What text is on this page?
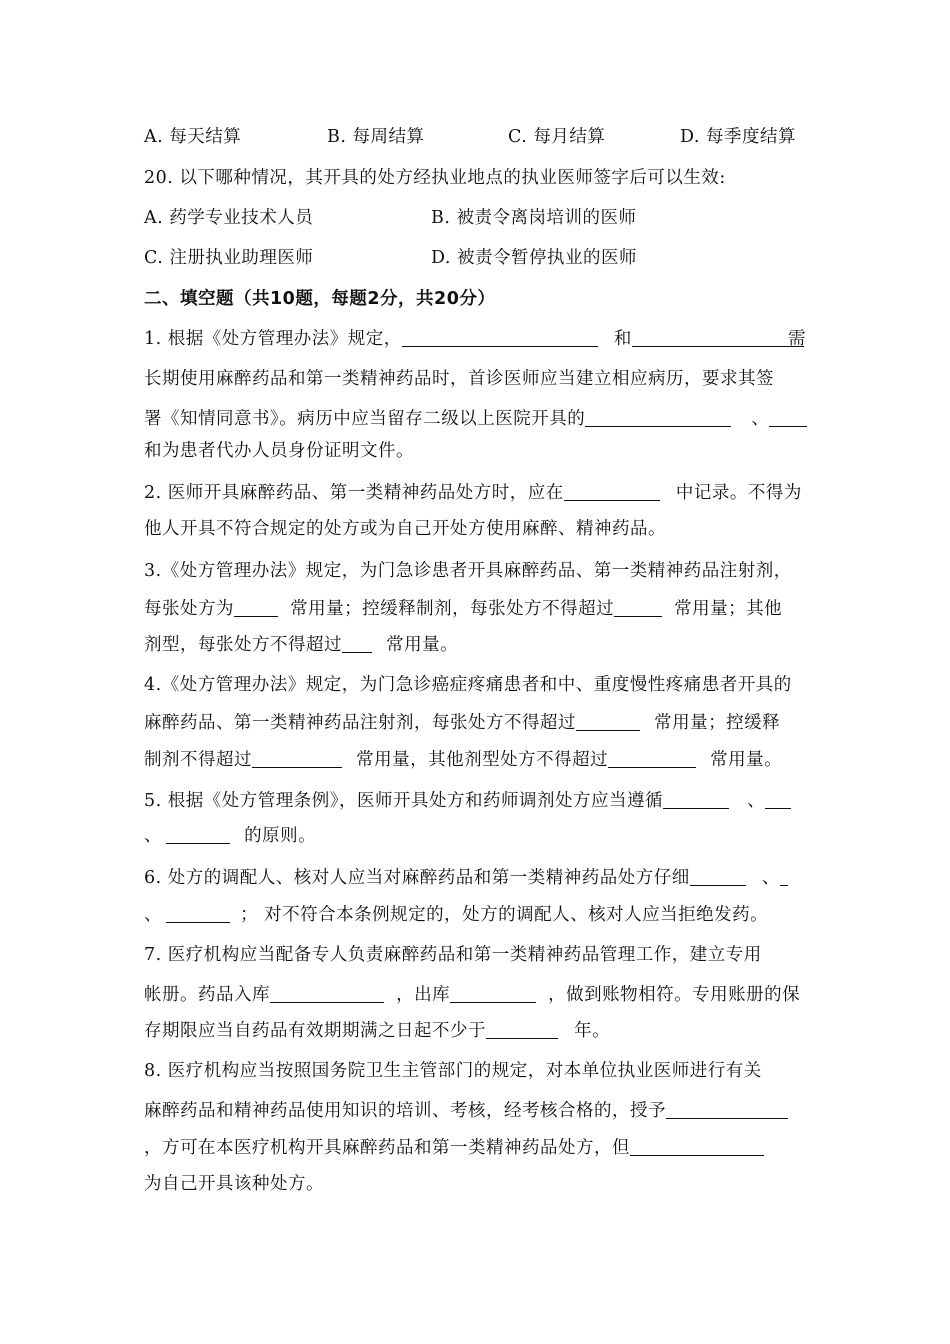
A. 每天结算	B. 每周结算	C. 每月结算	D. 每季度结算
20. 以下哪种情况，其开具的处方经执业地点的执业医师签字后可以生效:
A. 药学专业技术人员	B. 被责令离岗培训的医师
C. 注册执业助理医师	D. 被责令暂停执业的医师
二、填空题（共10题，每题2分，共20分）
1. 根据《处方管理办法》规定，	和	需
长期使用麻醉药品和第一类精神药品时，首诊医师应当建立相应病历，要求其签
署《知情同意书》。病历中应当留存二级以上医院开具的	、
和为患者代办人员身份证明文件。
2. 医师开具麻醉药品、第一类精神药品处方时，应在	中记录。不得为
他人开具不符合规定的处方或为自己开处方使用麻醉、精神药品。
3.《处方管理办法》规定，为门急诊患者开具麻醉药品、第一类精神药品注射剂，
每张处方为	常用量；控缓释制剂，每张处方不得超过	常用量；其他
剂型，每张处方不得超过	常用量。
4.《处方管理办法》规定，为门急诊癌症疼痛患者和中、重度慢性疼痛患者开具的
麻醉药品、第一类精神药品注射剂，每张处方不得超过	常用量；控缓释
制剂不得超过	常用量，其他剂型处方不得超过	常用量。
5. 根据《处方管理条例》，医师开具处方和药师调剂处方应当遵循	、
、	的原则。
6. 处方的调配人、核对人应当对麻醉药品和第一类精神药品处方仔细	、
、	； 对不符合本条例规定的，处方的调配人、核对人应当拒绝发药。
7. 医疗机构应当配备专人负责麻醉药品和第一类精神药品管理工作，建立专用
帐册。药品入库	，出库	，做到账物相符。专用账册的保
存期限应当自药品有效期期满之日起不少于	年。
8. 医疗机构应当按照国务院卫生主管部门的规定，对本单位执业医师进行有关
麻醉药品和精神药品使用知识的培训、考核，经考核合格的，授予
，方可在本医疗机构开具麻醉药品和第一类精神药品处方，但
为自己开具该种处方。
